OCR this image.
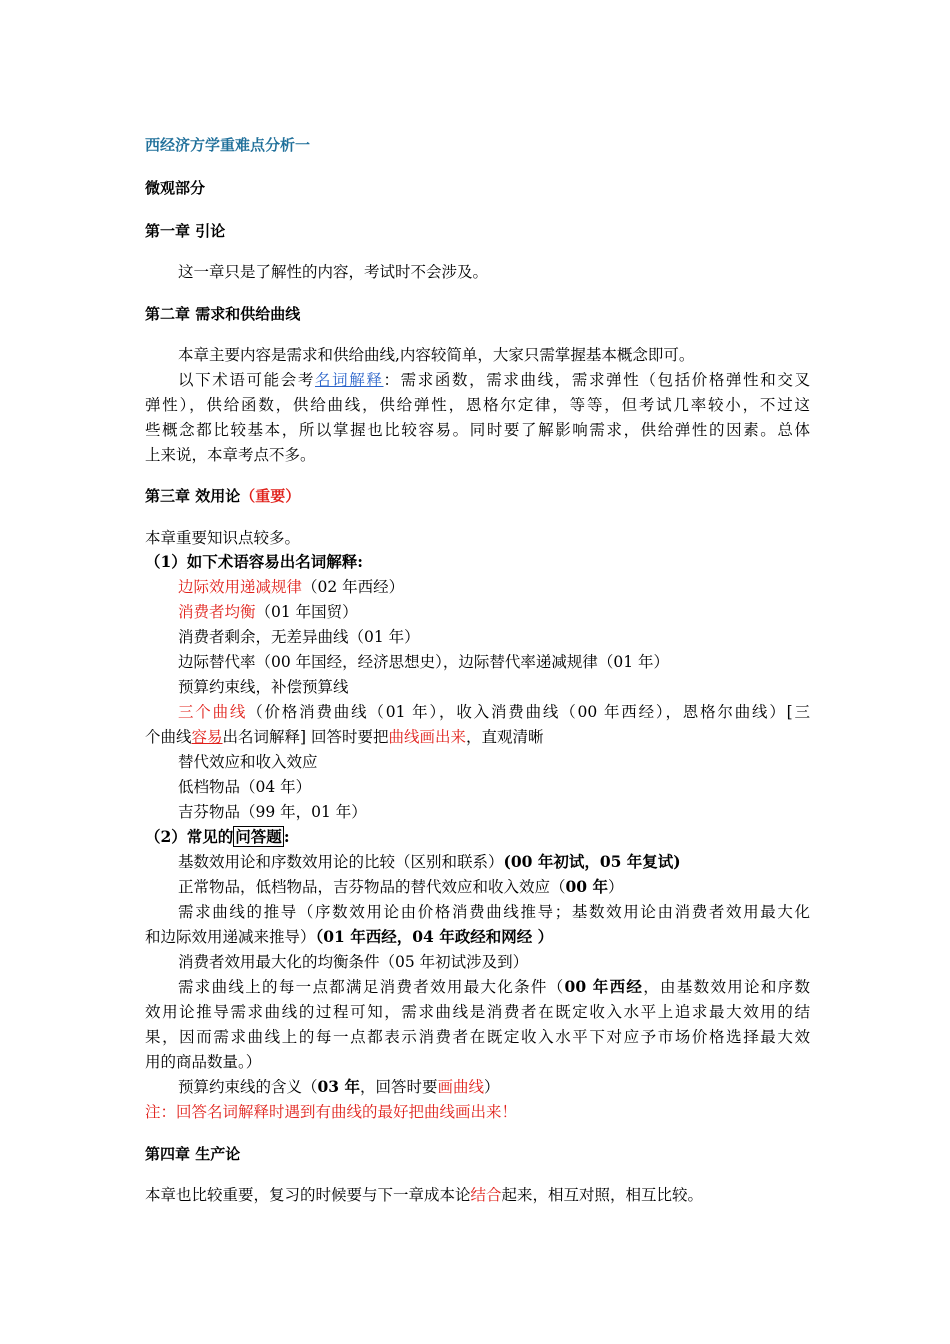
西经济方学重难点分析一
微观部分
第一章 引论
这一章只是了解性的内容，考试时不会涉及。
第二章 需求和供给曲线
本章主要内容是需求和供给曲线,内容较简单，大家只需掌握基本概念即可。
以下术语可能会考名词解释：需求函数，需求曲线，需求弹性（包括价格弹性和交叉
弹性），供给函数，供给曲线，供给弹性，恩格尔定律，等等，但考试几率较小，不过这
些概念都比较基本，所以掌握也比较容易。同时要了解影响需求，供给弹性的因素。总体
上来说，本章考点不多。
第三章 效用论（重要）
本章重要知识点较多。
（1）如下术语容易出名词解释:
边际效用递减规律（02 年西经）
消费者均衡（01 年国贸）
消费者剩余，无差异曲线（01 年）
边际替代率（00 年国经，经济思想史），边际替代率递减规律（01 年）
预算约束线，补偿预算线
三个曲线（价格消费曲线（01 年），收入消费曲线（00 年西经），恩格尔曲线）[三
个曲线容易出名词解释] 回答时要把曲线画出来，直观清晰
替代效应和收入效应
低档物品（04 年）
吉芬物品（99 年，01 年）
（2）常见的 问答题 :
基数效用论和序数效用论的比较（区别和联系）(00 年初试，05 年复试)
正常物品，低档物品，吉芬物品的替代效应和收入效应（00 年）
需求曲线的推导（序数效用论由价格消费曲线推导；基数效用论由消费者效用最大化
和边际效用递减来推导）（01 年西经，04 年政经和网经 ）
消费者效用最大化的均衡条件（05 年初试涉及到）
需求曲线上的每一点都满足消费者效用最大化条件（00 年西经，由基数效用论和序数
效用论推导需求曲线的过程可知，需求曲线是消费者在既定收入水平上追求最大效用的结
果，因而需求曲线上的每一点都表示消费者在既定收入水平下对应予市场价格选择最大效
用的商品数量。）
预算约束线的含义（03 年，回答时要画曲线）
注：回答名词解释时遇到有曲线的最好把曲线画出来！
第四章 生产论
本章也比较重要，复习的时候要与下一章成本论结合起来，相互对照，相互比较。
